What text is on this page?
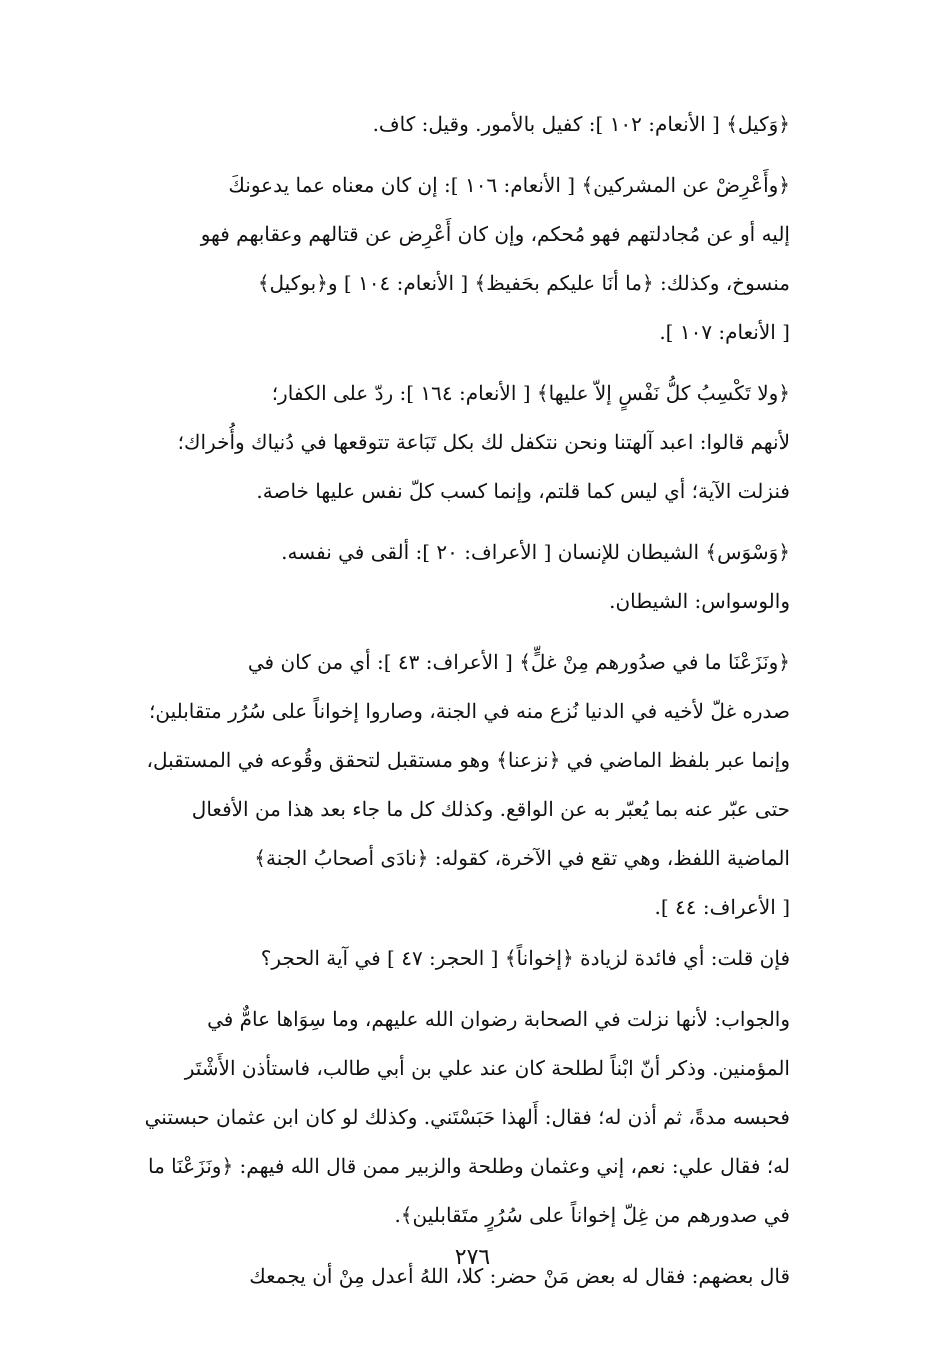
﴿وَكيل﴾ [ الأنعام: ١٠٢ ]: كفيل بالأمور. وقيل: كاف.

﴿وأَعْرِضْ عن المشركين﴾ [ الأنعام: ١٠٦ ]: إن كان معناه عما يدعونكَ
إليه أو عن مُجادلتهم فهو مُحكم، وإن كان أَعْرِض عن قتالهم وعقابهم فهو
منسوخ، وكذلك: ﴿ما أنَا عليكم بحَفيظ﴾ [ الأنعام: ١٠٤ ] و﴿بوكيل﴾
[ الأنعام: ١٠٧ ].

﴿ولا تَكْسِبُ كلُّ نَفْسٍ إلاّ عليها﴾ [ الأنعام: ١٦٤ ]: ردّ على الكفار؛
لأنهم قالوا: اعبد آلهتنا ونحن نتكفل لك بكل تَبَاعة تتوقعها في دُنياك وأُخراك؛
فنزلت الآية؛ أي ليس كما قلتم، وإنما كسب كلّ نفس عليها خاصة.

﴿وَسْوَس﴾ الشيطان للإنسان [ الأعراف: ٢٠ ]: ألقى في نفسه.
والوسواس: الشيطان.

﴿ونَزَعْنَا ما في صدُورهم مِنْ غلٍّ﴾ [ الأعراف: ٤٣ ]: أي من كان في
صدره غلّ لأخيه في الدنيا نُزع منه في الجنة، وصاروا إخواناً على سُرُر متقابلين؛
وإنما عبر بلفظ الماضي في ﴿نزعنا﴾ وهو مستقبل لتحقق وقُوعه في المستقبل،
حتى عبّر عنه بما يُعبّر به عن الواقع. وكذلك كل ما جاء بعد هذا من الأفعال
الماضية اللفظ، وهي تقع في الآخرة، كقوله: ﴿نادَى أصحابُ الجنة﴾
[ الأعراف: ٤٤ ].

فإن قلت: أي فائدة لزيادة ﴿إخواناً﴾ [ الحجر: ٤٧ ] في آية الحجر؟

والجواب: لأنها نزلت في الصحابة رضوان الله عليهم، وما سِوَاها عامٌّ في
المؤمنين. وذكر أنّ ابْناً لطلحة كان عند علي بن أبي طالب، فاستأذن الأَشْتَر
فحبسه مدةً، ثم أذن له؛ فقال: أَلهذا حَبَسْتَني. وكذلك لو كان ابن عثمان حبستني
له؛ فقال علي: نعم، إني وعثمان وطلحة والزبير ممن قال الله فيهم: ﴿ونَزَعْنَا ما
في صدورهم من غِلّ إخواناً على سُرُرٍ متَقابلين﴾.

قال بعضهم: فقال له بعض مَنْ حضر: كلا، اللهُ أعدل مِنْ أن يجمعك

٢٧٦
